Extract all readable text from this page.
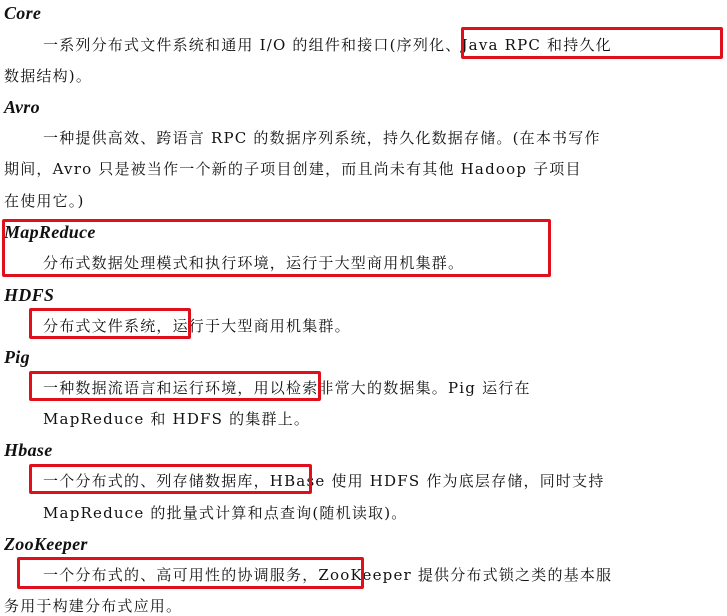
Core
一系列分布式文件系统和通用 I/O 的组件和接口(序列化、Java RPC 和持久化
数据结构)。
Avro
一种提供高效、跨语言 RPC 的数据序列系统，持久化数据存储。(在本书写作
期间，Avro 只是被当作一个新的子项目创建，而且尚未有其他 Hadoop 子项目
在使用它。)
MapReduce
分布式数据处理模式和执行环境，运行于大型商用机集群。
HDFS
分布式文件系统，运行于大型商用机集群。
Pig
一种数据流语言和运行环境，用以检索非常大的数据集。Pig 运行在
MapReduce 和 HDFS 的集群上。
Hbase
一个分布式的、列存储数据库，HBase 使用 HDFS 作为底层存储，同时支持
MapReduce 的批量式计算和点查询(随机读取)。
ZooKeeper
一个分布式的、高可用性的协调服务，ZooKeeper 提供分布式锁之类的基本服
务用于构建分布式应用。
